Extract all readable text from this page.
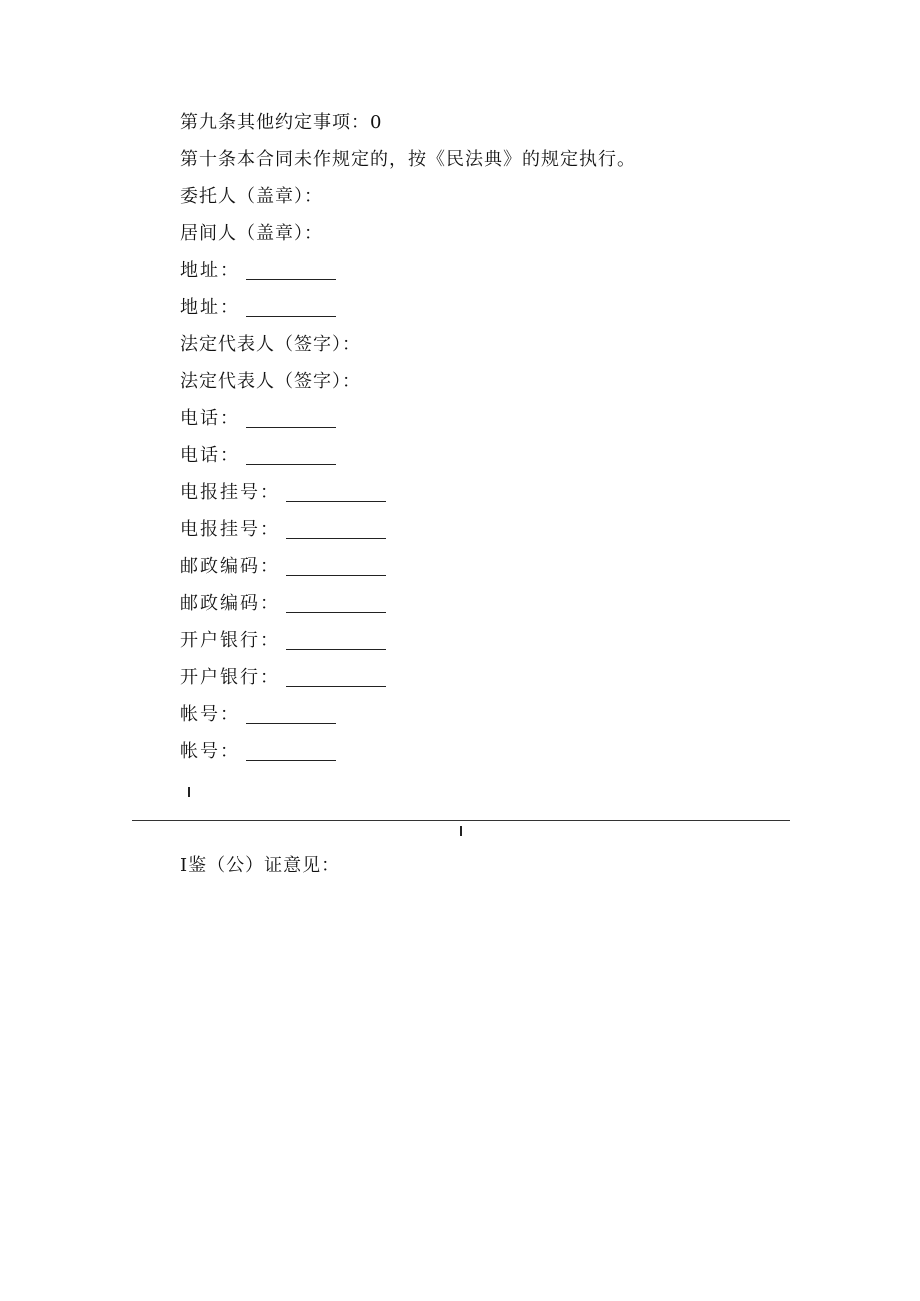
第九条其他约定事项：0
第十条本合同未作规定的，按《民法典》的规定执行。
委托人（盖章）：
居间人（盖章）：
地址：
地址：
法定代表人（签字）：
法定代表人（签字）：
电话：
电话：
电报挂号：
电报挂号：
邮政编码：
邮政编码：
开户银行：
开户银行：
帐号：
帐号：
I鉴（公）证意见：
